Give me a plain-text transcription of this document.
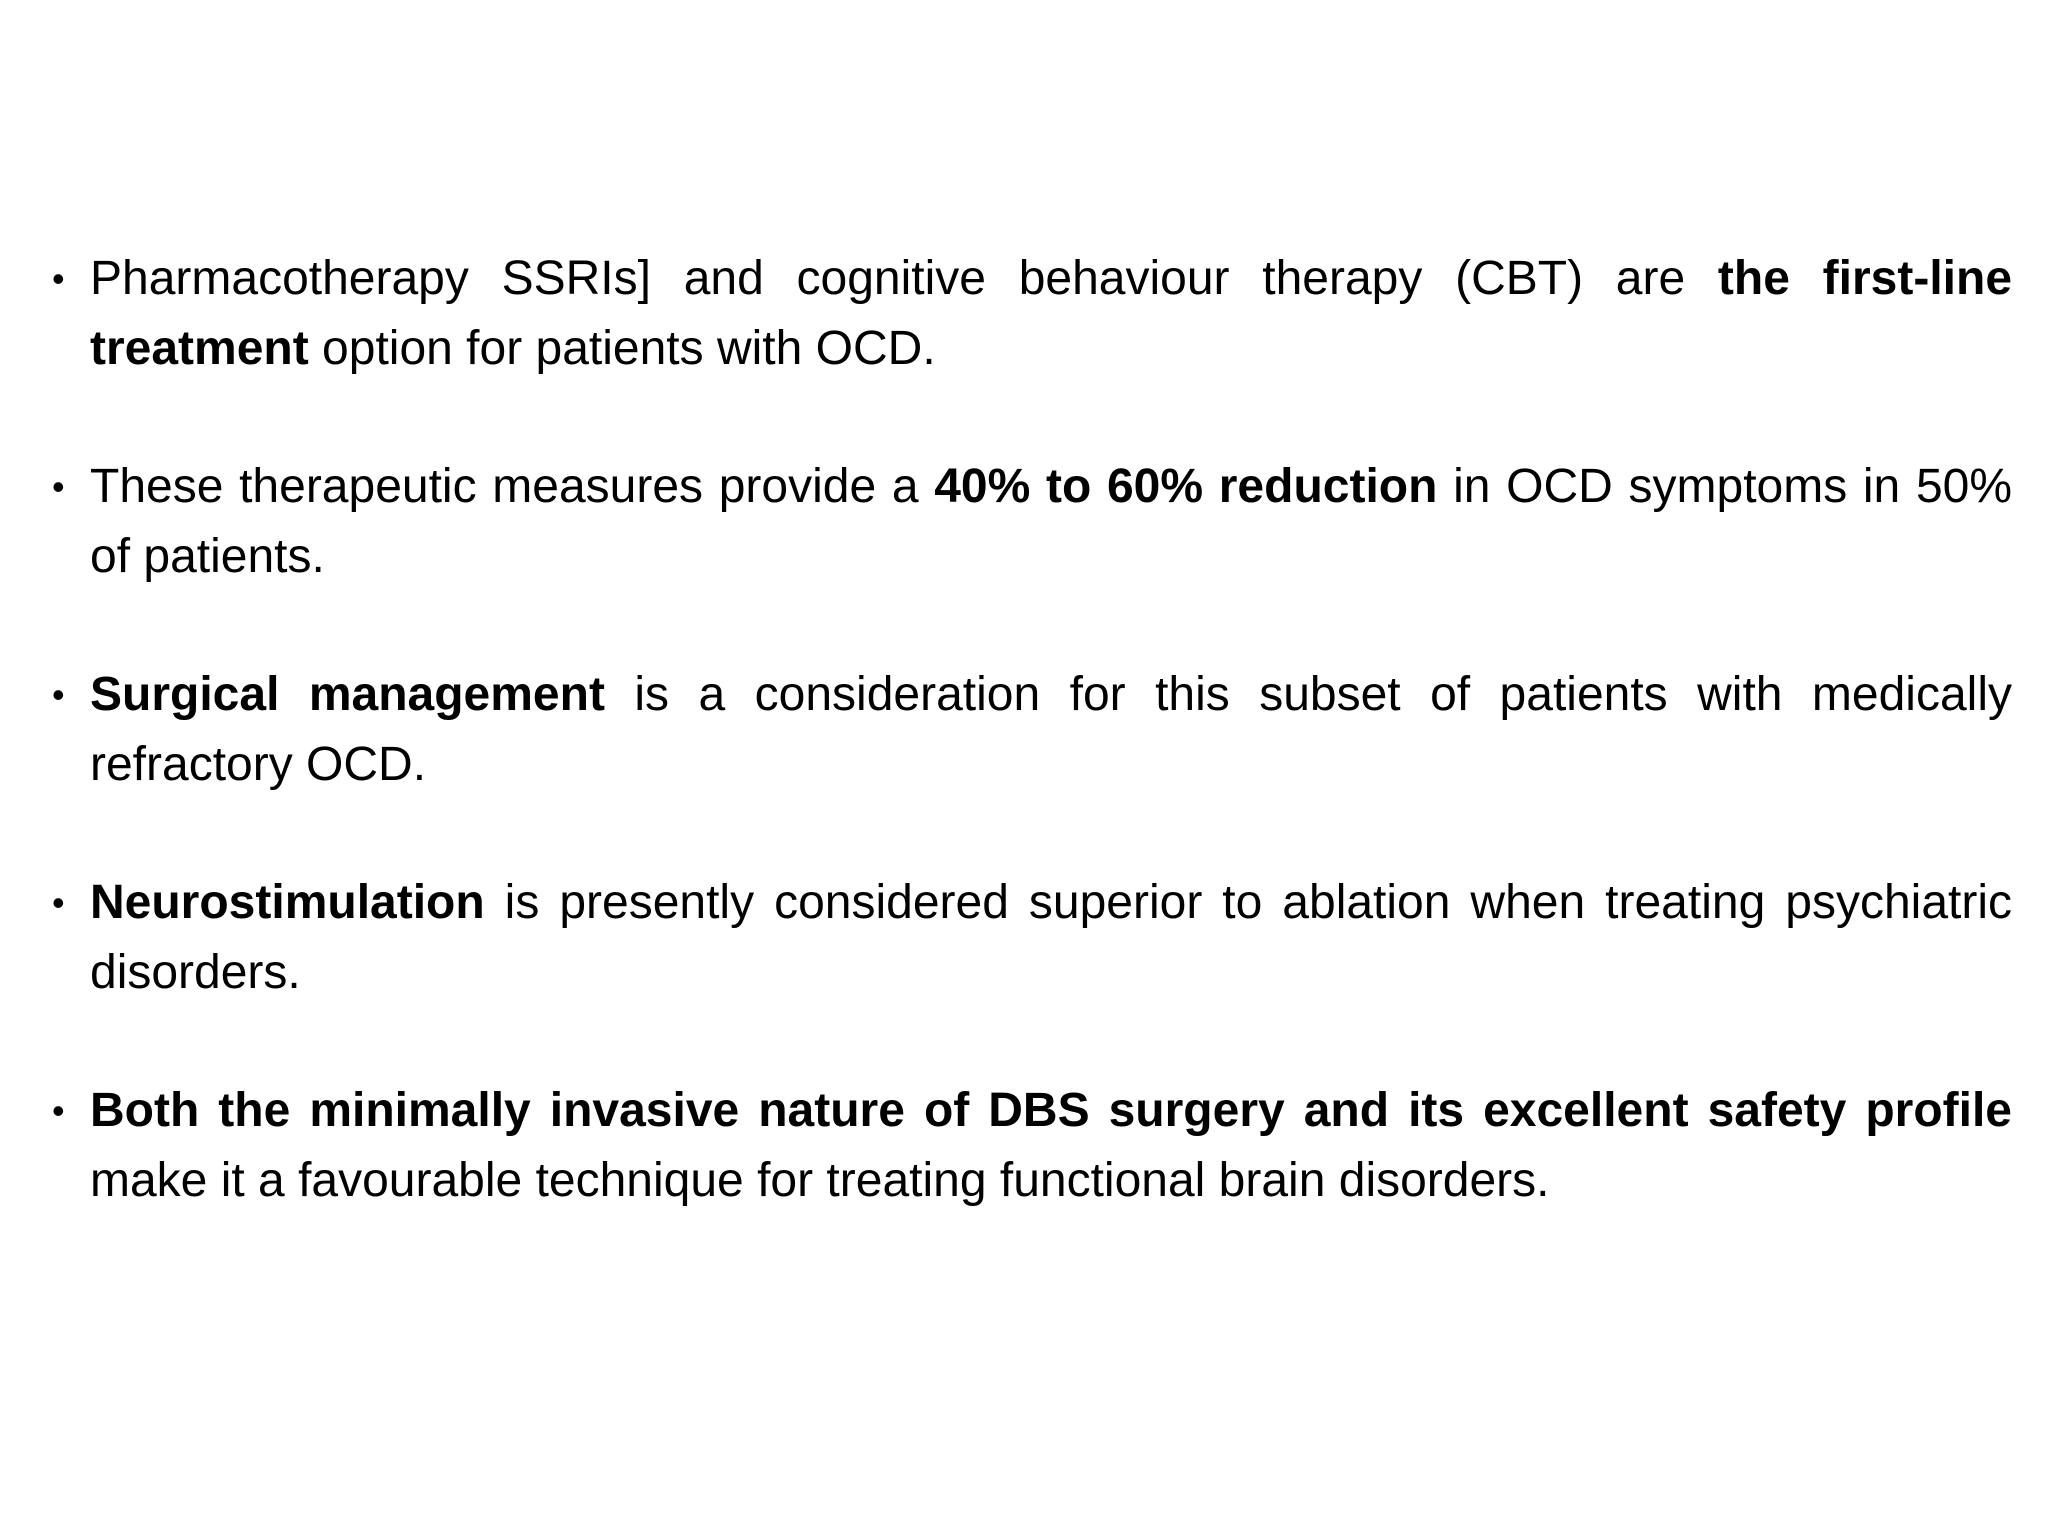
• Pharmacotherapy SSRIs] and cognitive behaviour therapy (CBT) are the first-line treatment option for patients with OCD.
• These therapeutic measures provide a 40% to 60% reduction in OCD symptoms in 50% of patients.
• Surgical management is a consideration for this subset of patients with medically refractory OCD.
• Neurostimulation is presently considered superior to ablation when treating psychiatric disorders.
• Both the minimally invasive nature of DBS surgery and its excellent safety profile make it a favourable technique for treating functional brain disorders.
